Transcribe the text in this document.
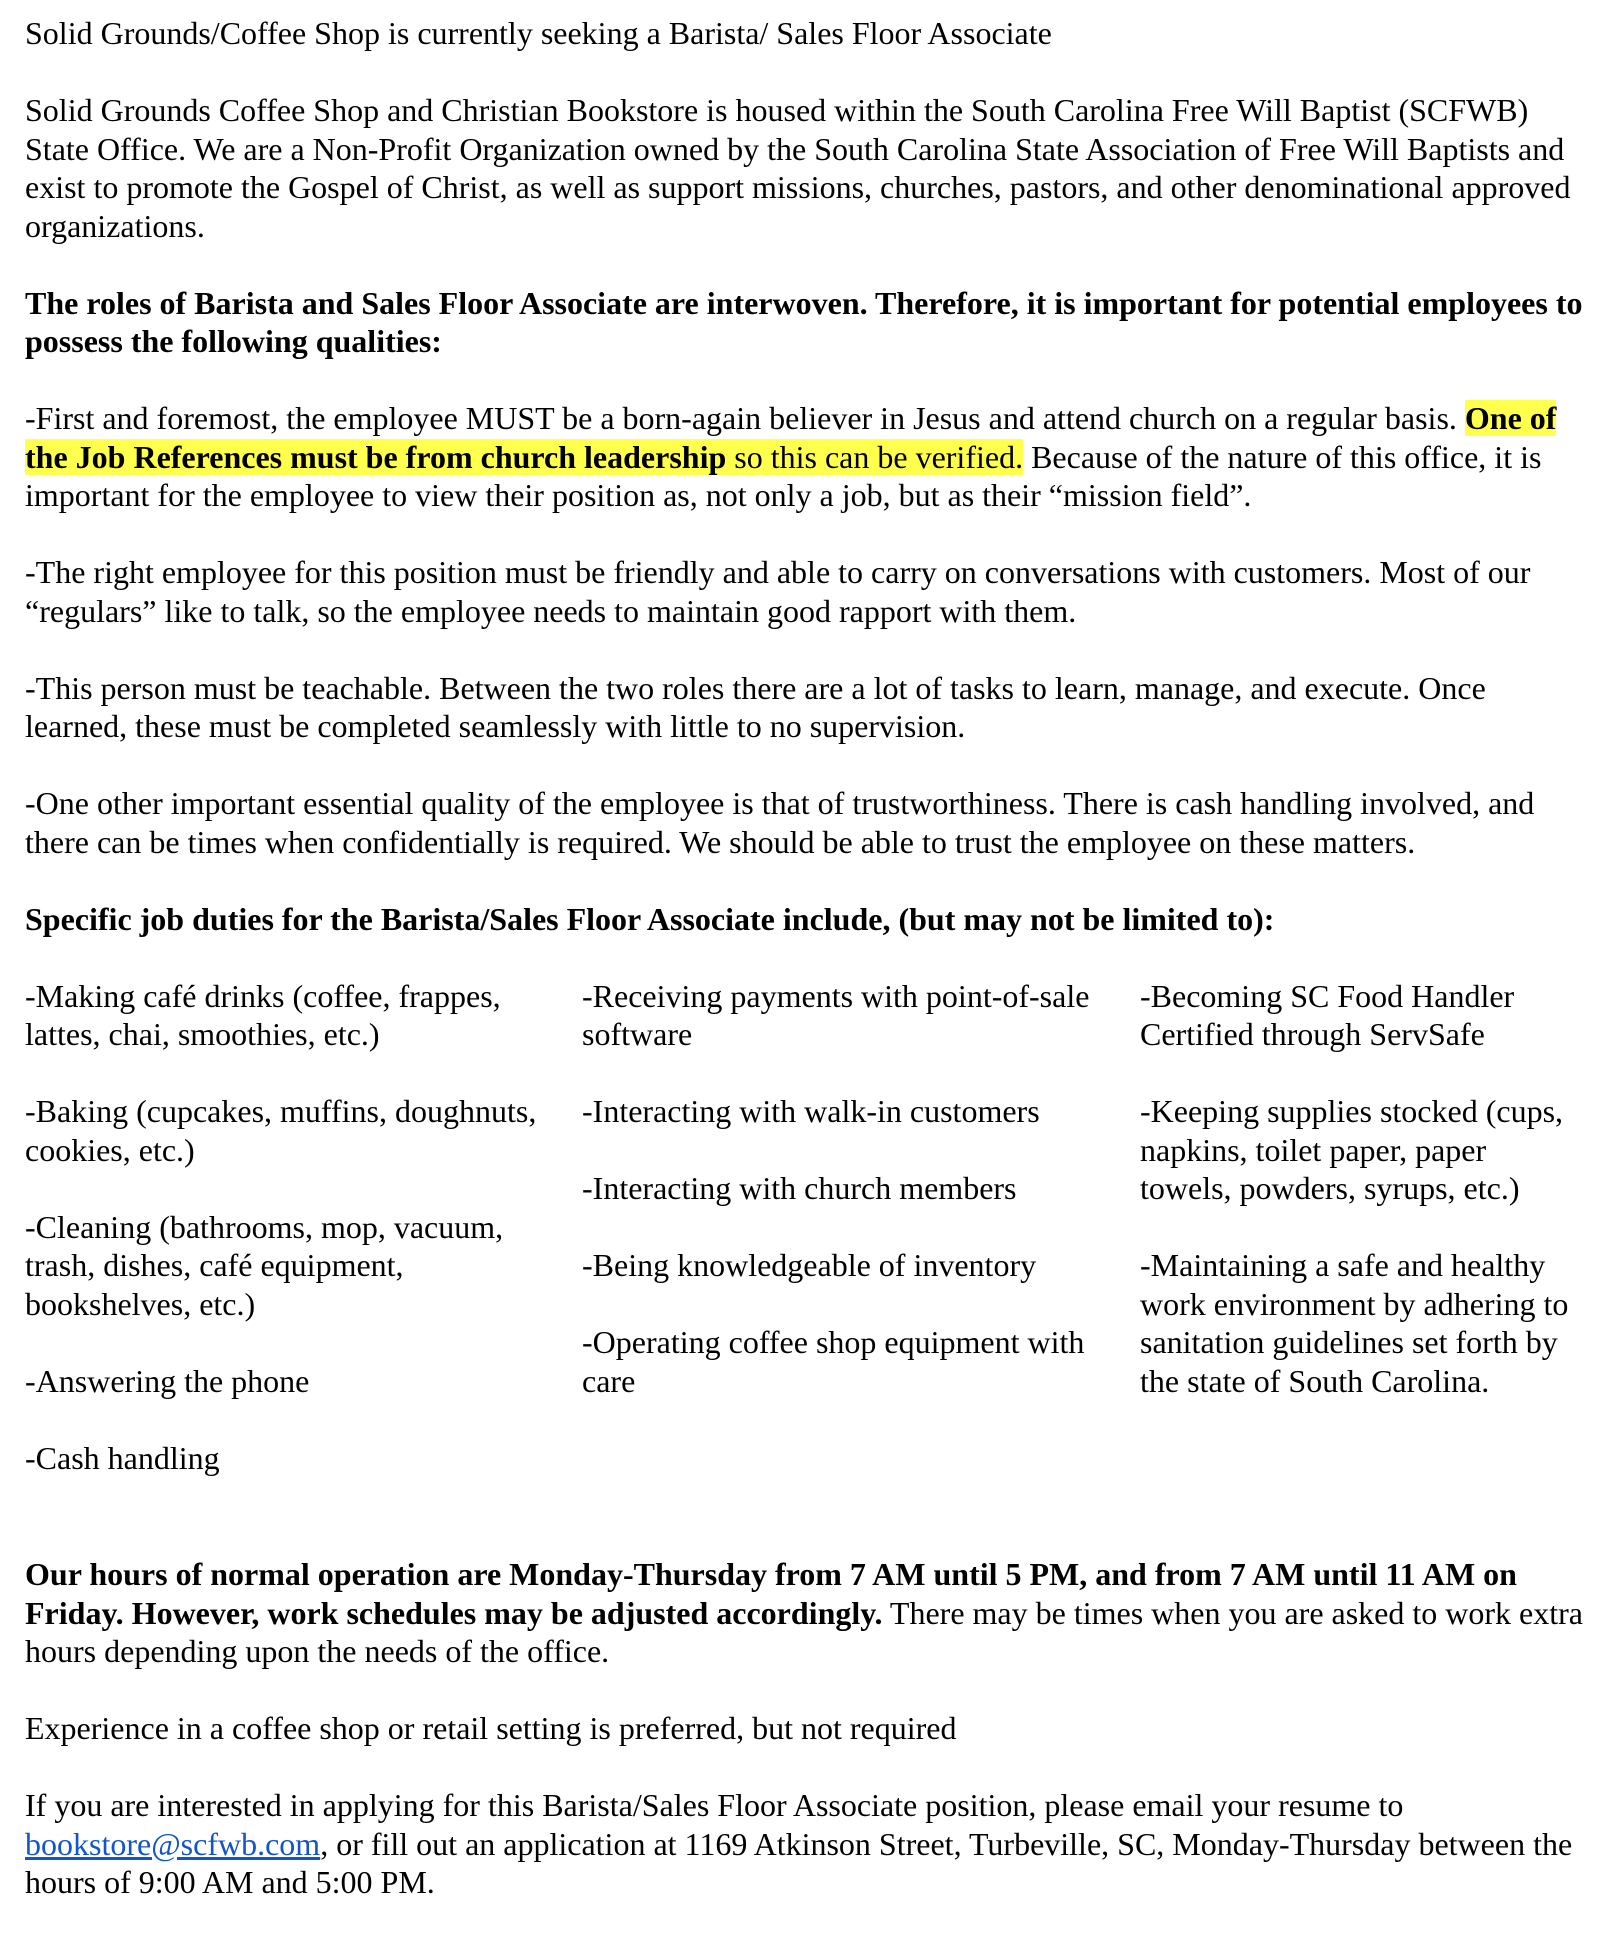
Solid Grounds/Coffee Shop is currently seeking a Barista/ Sales Floor Associate

Solid Grounds Coffee Shop and Christian Bookstore is housed within the South Carolina Free Will Baptist (SCFWB) State Office. We are a Non-Profit Organization owned by the South Carolina State Association of Free Will Baptists and exist to promote the Gospel of Christ, as well as support missions, churches, pastors, and other denominational approved organizations.

The roles of Barista and Sales Floor Associate are interwoven. Therefore, it is important for potential employees to possess the following qualities:

-First and foremost, the employee MUST be a born-again believer in Jesus and attend church on a regular basis. One of the Job References must be from church leadership so this can be verified. Because of the nature of this office, it is important for the employee to view their position as, not only a job, but as their “mission field”.

-The right employee for this position must be friendly and able to carry on conversations with customers. Most of our “regulars” like to talk, so the employee needs to maintain good rapport with them.

-This person must be teachable. Between the two roles there are a lot of tasks to learn, manage, and execute. Once learned, these must be completed seamlessly with little to no supervision.

-One other important essential quality of the employee is that of trustworthiness. There is cash handling involved, and there can be times when confidentially is required. We should be able to trust the employee on these matters.

Specific job duties for the Barista/Sales Floor Associate include, (but may not be limited to):

-Making café drinks (coffee, frappes, lattes, chai, smoothies, etc.)

-Baking (cupcakes, muffins, doughnuts, cookies, etc.)

-Cleaning (bathrooms, mop, vacuum, trash, dishes, café equipment, bookshelves, etc.)

-Answering the phone

-Cash handling

-Receiving payments with point-of-sale software

-Interacting with walk-in customers

-Interacting with church members

-Being knowledgeable of inventory

-Operating coffee shop equipment with care

-Becoming SC Food Handler Certified through ServSafe

-Keeping supplies stocked (cups, napkins, toilet paper, paper towels, powders, syrups, etc.)

-Maintaining a safe and healthy work environment by adhering to sanitation guidelines set forth by the state of South Carolina.

Our hours of normal operation are Monday-Thursday from 7 AM until 5 PM, and from 7 AM until 11 AM on Friday. However, work schedules may be adjusted accordingly. There may be times when you are asked to work extra hours depending upon the needs of the office.

Experience in a coffee shop or retail setting is preferred, but not required

If you are interested in applying for this Barista/Sales Floor Associate position, please email your resume to bookstore@scfwb.com, or fill out an application at 1169 Atkinson Street, Turbeville, SC, Monday-Thursday between the hours of 9:00 AM and 5:00 PM.
